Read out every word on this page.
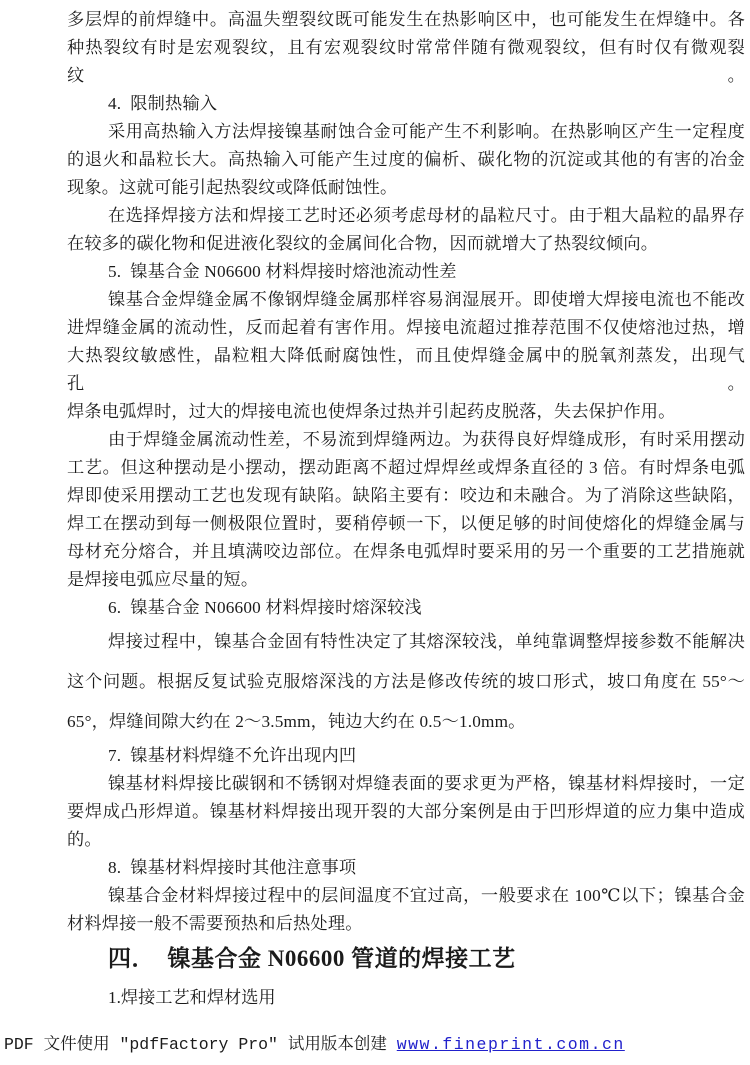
多层焊的前焊缝中。高温失塑裂纹既可能发生在热影响区中，也可能发生在焊缝中。各
种热裂纹有时是宏观裂纹，且有宏观裂纹时常常伴随有微观裂纹，但有时仅有微观裂纹。
4.  限制热输入
采用高热输入方法焊接镍基耐蚀合金可能产生不利影响。在热影响区产生一定程度
的退火和晶粒长大。高热输入可能产生过度的偏析、碳化物的沉淀或其他的有害的冶金
现象。这就可能引起热裂纹或降低耐蚀性。
在选择焊接方法和焊接工艺时还必须考虑母材的晶粒尺寸。由于粗大晶粒的晶界存
在较多的碳化物和促进液化裂纹的金属间化合物，因而就增大了热裂纹倾向。
5.  镍基合金 N06600 材料焊接时熔池流动性差
镍基合金焊缝金属不像钢焊缝金属那样容易润湿展开。即使增大焊接电流也不能改
进焊缝金属的流动性，反而起着有害作用。焊接电流超过推荐范围不仅使熔池过热，增
大热裂纹敏感性，晶粒粗大降低耐腐蚀性，而且使焊缝金属中的脱氧剂蒸发，出现气孔。
焊条电弧焊时，过大的焊接电流也使焊条过热并引起药皮脱落，失去保护作用。
由于焊缝金属流动性差，不易流到焊缝两边。为获得良好焊缝成形，有时采用摆动
工艺。但这种摆动是小摆动，摆动距离不超过焊焊丝或焊条直径的 3 倍。有时焊条电弧
焊即使采用摆动工艺也发现有缺陷。缺陷主要有：咬边和未融合。为了消除这些缺陷，
焊工在摆动到每一侧极限位置时，要稍停顿一下，以便足够的时间使熔化的焊缝金属与
母材充分熔合，并且填满咬边部位。在焊条电弧焊时要采用的另一个重要的工艺措施就
是焊接电弧应尽量的短。
6.  镍基合金 N06600 材料焊接时熔深较浅
焊接过程中，镍基合金固有特性决定了其熔深较浅，单纯靠调整焊接参数不能解决
这个问题。根据反复试验克服熔深浅的方法是修改传统的坡口形式，坡口角度在 55°～
65°，焊缝间隙大约在 2～3.5mm，钝边大约在 0.5～1.0mm。
7.  镍基材料焊缝不允许出现内凹
镍基材料焊接比碳钢和不锈钢对焊缝表面的要求更为严格，镍基材料焊接时，一定
要焊成凸形焊道。镍基材料焊接出现开裂的大部分案例是由于凹形焊道的应力集中造成
的。
8.  镍基材料焊接时其他注意事项
镍基合金材料焊接过程中的层间温度不宜过高，一般要求在 100℃以下；镍基合金
材料焊接一般不需要预热和后热处理。
四．  镍基合金 N06600 管道的焊接工艺
1.焊接工艺和焊材选用
PDF 文件使用 ″pdfFactory Pro″ 试用版本创建 www.fineprint.com.cn
